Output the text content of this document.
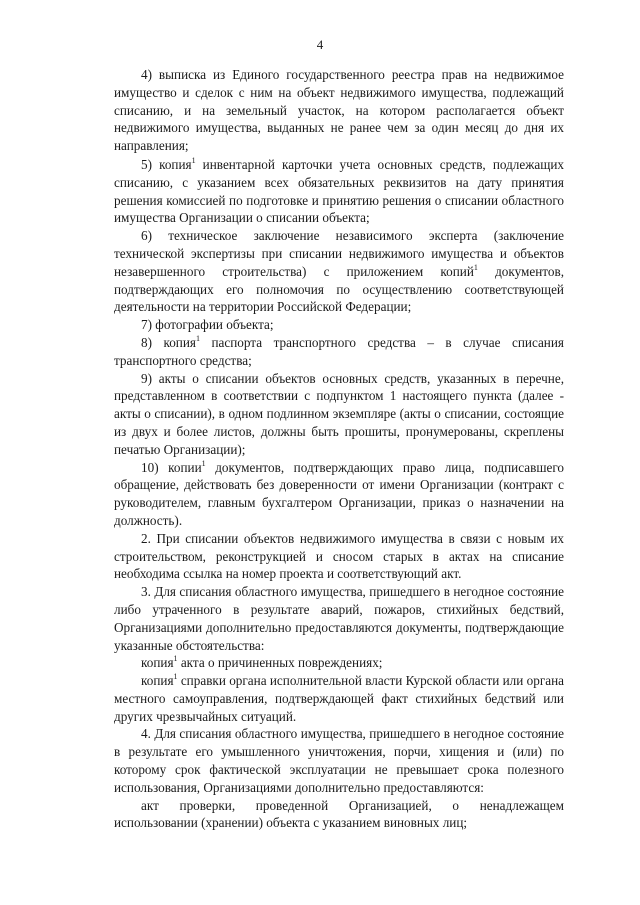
4

4) выписка из Единого государственного реестра прав на недвижимое имущество и сделок с ним на объект недвижимого имущества, подлежащий списанию, и на земельный участок, на котором располагается объект недвижимого имущества, выданных не ранее чем за один месяц до дня их направления;

5) копия$^1$ инвентарной карточки учета основных средств, подлежащих списанию, с указанием всех обязательных реквизитов на дату принятия решения комиссией по подготовке и принятию решения о списании областного имущества Организации о списании объекта;

6) техническое заключение независимого эксперта (заключение технической экспертизы при списании недвижимого имущества и объектов незавершенного строительства) с приложением копий$^1$ документов, подтверждающих его полномочия по осуществлению соответствующей деятельности на территории Российской Федерации;

7) фотографии объекта;

8) копия$^1$ паспорта транспортного средства – в случае списания транспортного средства;

9) акты о списании объектов основных средств, указанных в перечне, представленном в соответствии с подпунктом 1 настоящего пункта (далее - акты о списании), в одном подлинном экземпляре (акты о списании, состоящие из двух и более листов, должны быть прошиты, пронумерованы, скреплены печатью Организации);

10) копии$^1$ документов, подтверждающих право лица, подписавшего обращение, действовать без доверенности от имени Организации (контракт с руководителем, главным бухгалтером Организации, приказ о назначении на должность).

2. При списании объектов недвижимого имущества в связи с новым их строительством, реконструкцией и сносом старых в актах на списание необходима ссылка на номер проекта и соответствующий акт.

3. Для списания областного имущества, пришедшего в негодное состояние либо утраченного в результате аварий, пожаров, стихийных бедствий, Организациями дополнительно предоставляются документы, подтверждающие указанные обстоятельства:

копия$^1$ акта о причиненных повреждениях;

копия$^1$ справки органа исполнительной власти Курской области или органа местного самоуправления, подтверждающей факт стихийных бедствий или других чрезвычайных ситуаций.

4. Для списания областного имущества, пришедшего в негодное состояние в результате его умышленного уничтожения, порчи, хищения и (или) по которому срок фактической эксплуатации не превышает срока полезного использования, Организациями дополнительно предоставляются:

акт проверки, проведенной Организацией, о ненадлежащем использовании (хранении) объекта с указанием виновных лиц;
